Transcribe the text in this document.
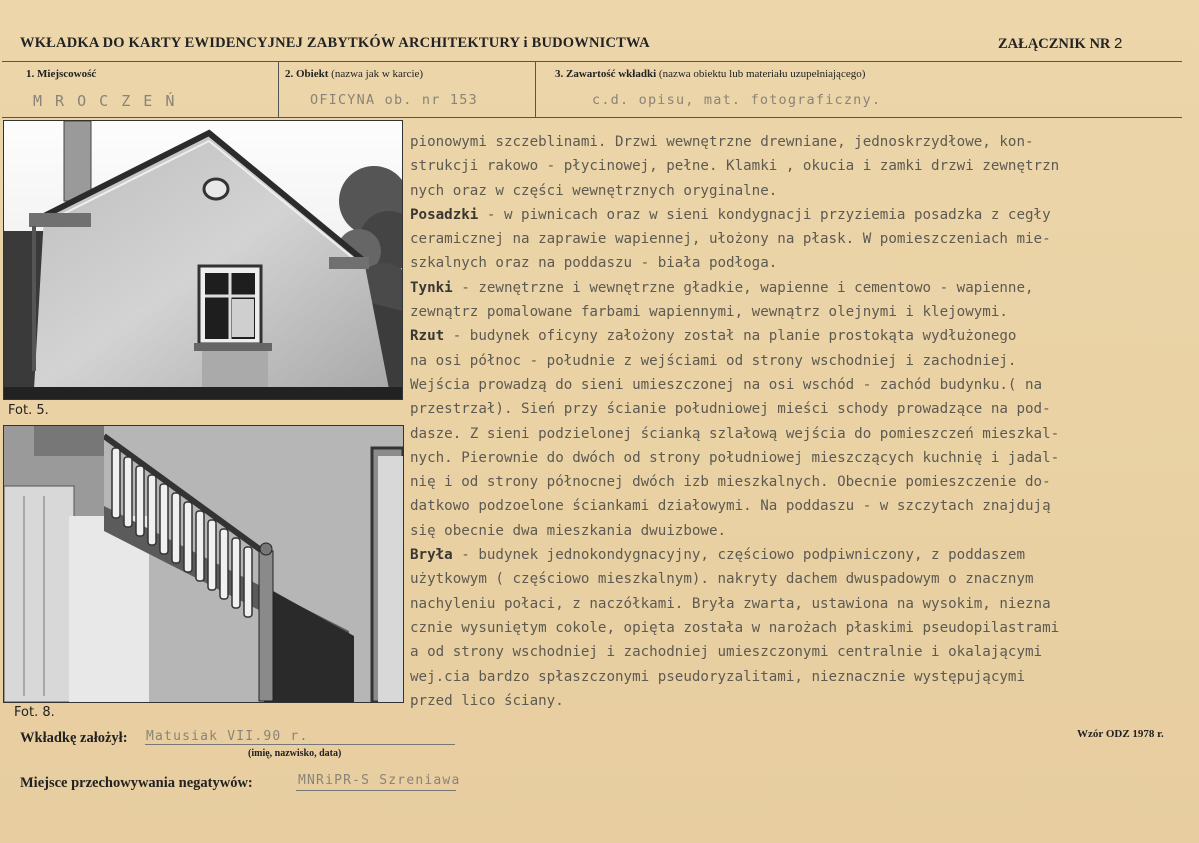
WKŁADKA DO KARTY EWIDENCYJNEJ ZABYTKÓW ARCHITEKTURY i BUDOWNICTWA	ZAŁĄCZNIK NR 2
1. Miejscowość
M R O C Z E Ń
2. Obiekt (nazwa jak w karcie)
OFICYNA ob. nr 153
3. Zawartość wkładki (nazwa obiektu lub materiału uzupełniającego)
c.d. opisu, mat. fotograficzny.
Fot. 5.
Fot. 8.
pionowymi szczeblinami. Drzwi wewnętrzne drewniane, jednoskrzydłowe, kon-
strukcji rakowo - płycinowej, pełne. Klamki , okucia i zamki drzwi zewnętrzn
nych oraz w części wewnętrznych oryginalne.
Posadzki - w piwnicach oraz w sieni kondygnacji przyziemia posadzka z cegły
ceramicznej na zaprawie wapiennej, ułożony na płask. W pomieszczeniach mie-
szkalnych oraz na poddaszu - biała podłoga.
Tynki - zewnętrzne i wewnętrzne gładkie, wapienne i cementowo - wapienne,
zewnątrz pomalowane farbami wapiennymi, wewnątrz olejnymi i klejowymi.
Rzut - budynek oficyny założony został na planie prostokąta wydłużonego
na osi północ - południe z wejściami od strony wschodniej i zachodniej.
Wejścia prowadzą do sieni umieszczonej na osi wschód - zachód budynku.( na
przestrzał). Sień przy ścianie południowej mieści schody prowadzące na pod-
dasze. Z sieni podzielonej ścianką szlałową wejścia do pomieszczeń mieszkal-
nych. Pierownie do dwóch od strony południowej mieszczących kuchnię i jadal-
nię i od strony północnej dwóch izb mieszkalnych. Obecnie pomieszczenie do-
datkowo podzoelone ściankami działowymi. Na poddaszu - w szczytach znajdują
się obecnie dwa mieszkania dwuizbowe.
Bryła - budynek jednokondygnacyjny, częściowo podpiwniczony, z poddaszem
użytkowym ( częściowo mieszkalnym). nakryty dachem dwuspadowym o znacznym
nachyleniu połaci, z naczółkami. Bryła zwarta, ustawiona na wysokim, niezna
cznie wysuniętym cokole, opięta została w narożach płaskimi pseudopilastrami
a od strony wschodniej i zachodniej umieszczonymi centralnie i okalającymi
wej.cia bardzo spłaszczonymi pseudoryzalitami, nieznacznie występującymi
przed lico ściany.
Wkładkę założył: Matusiak VII.90 r.
(imię, nazwisko, data)
Miejsce przechowywania negatywów:	MNRiPR-S Szreniawa
Wzór ODZ 1978 r.
